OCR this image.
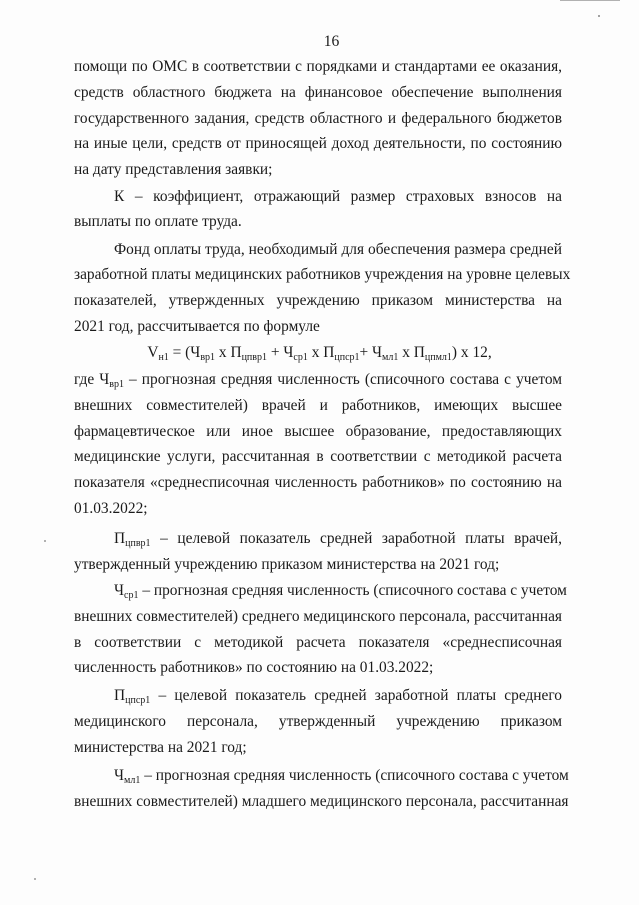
16
помощи по ОМС в соответствии с порядками и стандартами ее оказания,
средств областного бюджета на финансовое обеспечение выполнения
государственного задания, средств областного и федерального бюджетов
на иные цели, средств от приносящей доход деятельности, по состоянию
на дату представления заявки;
К – коэффициент, отражающий размер страховых взносов на
выплаты по оплате труда.
Фонд оплаты труда, необходимый для обеспечения размера средней
заработной платы медицинских работников учреждения на уровне целевых
показателей, утвержденных учреждению приказом министерства на
2021 год, рассчитывается по формуле
где $Ч_{вр1}$ – прогнозная средняя численность (списочного состава с учетом
внешних совместителей) врачей и работников, имеющих высшее
фармацевтическое или иное высшее образование, предоставляющих
медицинские услуги, рассчитанная в соответствии с методикой расчета
показателя «среднесписочная численность работников» по состоянию на
01.03.2022;
$П_{цпвр1}$ – целевой показатель средней заработной платы врачей,
утвержденный учреждению приказом министерства на 2021 год;
$Ч_{ср1}$ – прогнозная средняя численность (списочного состава с учетом
внешних совместителей) среднего медицинского персонала, рассчитанная
в соответствии с методикой расчета показателя «среднесписочная
численность работников» по состоянию на 01.03.2022;
$П_{цпср1}$ – целевой показатель средней заработной платы среднего
медицинского персонала, утвержденный учреждению приказом
министерства на 2021 год;
$Ч_{мл1}$ – прогнозная средняя численность (списочного состава с учетом
внешних совместителей) младшего медицинского персонала, рассчитанная
$V_{н1} = (Ч_{вр1}$ x $П_{цпвр1} + Ч_{ср1}$ x $П_{цпср1}+ Ч_{мл1}$ x $П_{цпмл1}$) x 12,
